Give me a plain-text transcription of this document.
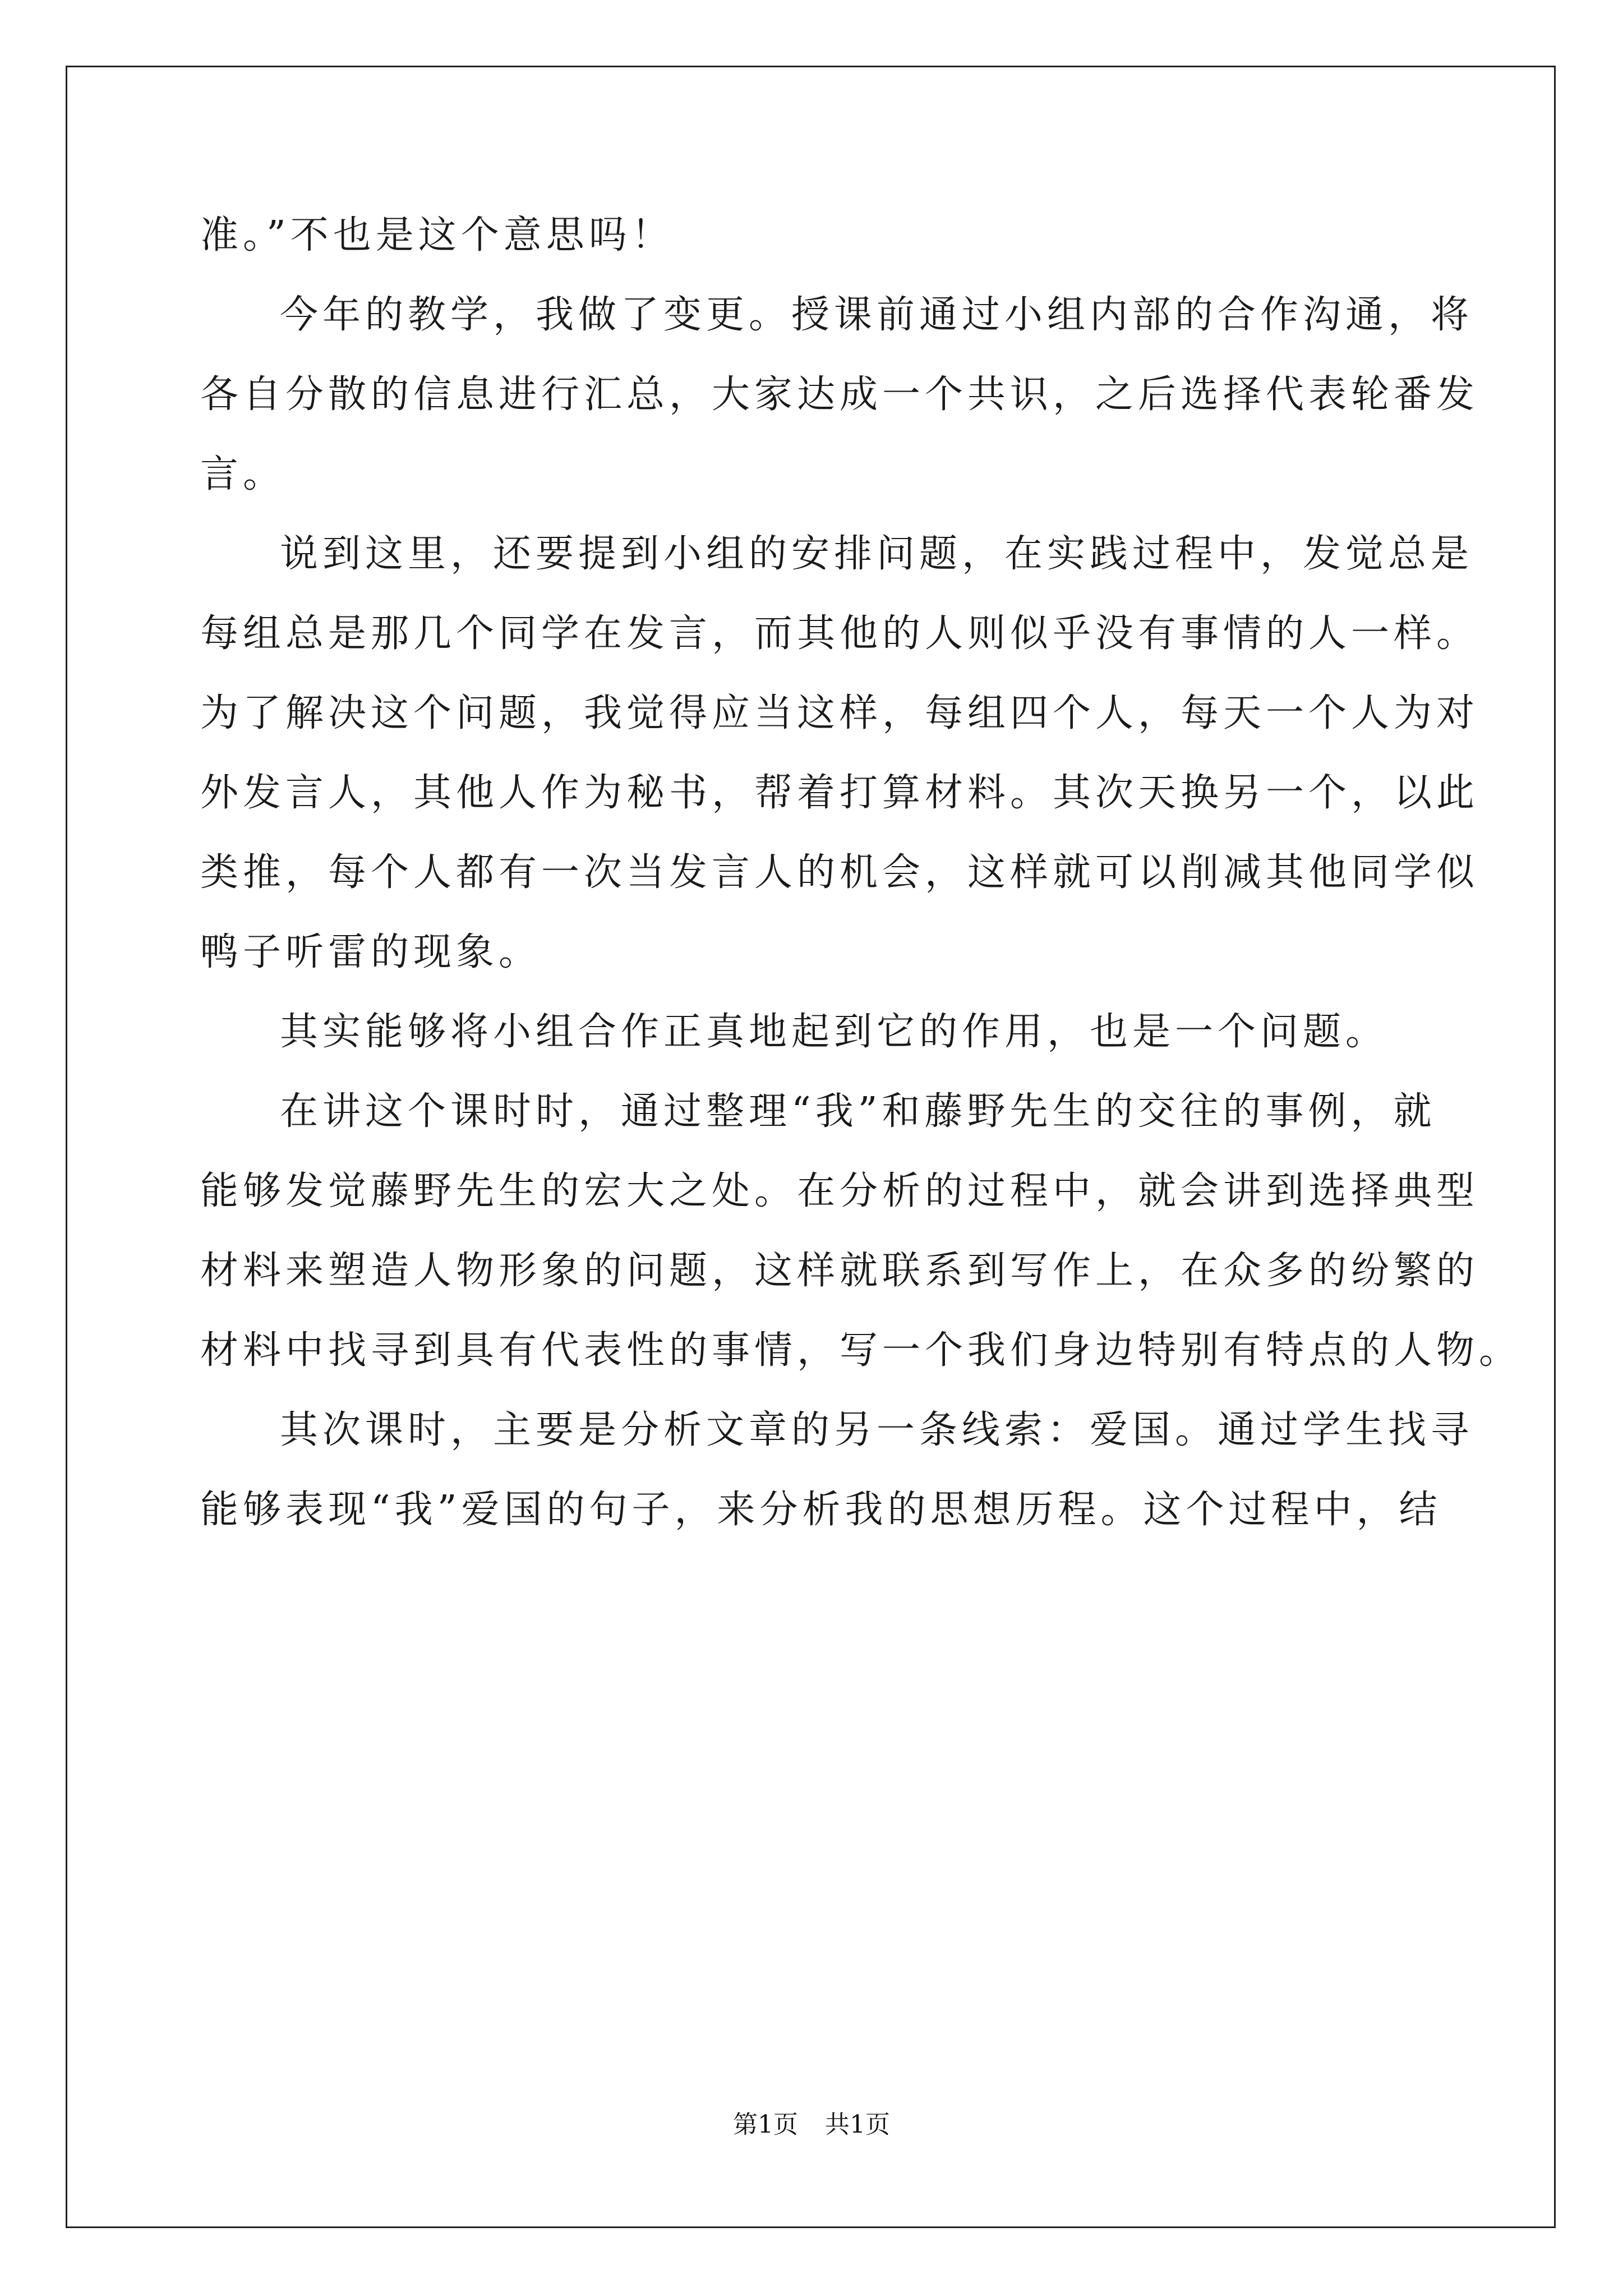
准。”不也是这个意思吗！
今年的教学，我做了变更。授课前通过小组内部的合作沟通，将
各自分散的信息进行汇总，大家达成一个共识，之后选择代表轮番发
言。
说到这里，还要提到小组的安排问题，在实践过程中，发觉总是
每组总是那几个同学在发言，而其他的人则似乎没有事情的人一样。
为了解决这个问题，我觉得应当这样，每组四个人，每天一个人为对
外发言人，其他人作为秘书，帮着打算材料。其次天换另一个，以此
类推，每个人都有一次当发言人的机会，这样就可以削减其他同学似
鸭子听雷的现象。
其实能够将小组合作正真地起到它的作用，也是一个问题。
在讲这个课时时，通过整理“我”和藤野先生的交往的事例，就
能够发觉藤野先生的宏大之处。在分析的过程中，就会讲到选择典型
材料来塑造人物形象的问题，这样就联系到写作上，在众多的纷繁的
材料中找寻到具有代表性的事情，写一个我们身边特别有特点的人物。
其次课时，主要是分析文章的另一条线索：爱国。通过学生找寻
能够表现“我”爱国的句子，来分析我的思想历程。这个过程中，结
第1页 共1页
